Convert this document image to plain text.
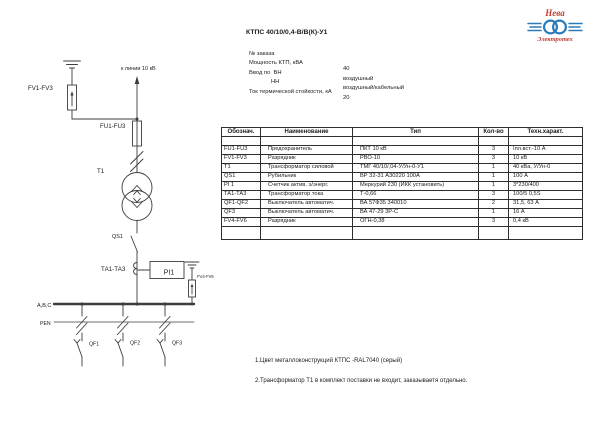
FV1-FV3
к линии 10 кВ
FU1-FU3
T1
QS1
ТА1-ТА3	PI1	FV4-FV6
A,B,C
PEN
QF1	QF2	QF3
КТПС 40/10/0,4-В/В(К)-У1

№ заказа

Мощность КТП, кВА

40

Ввод по  ВН

воздушный

НН

воздушный/кабельный

Ток термической стойкости, кА

20

Нева
Электротех
Обознач.	Наименование	Тип	Кол-во	Техн.характ.

FU1-FU3	Предохранитель	ПКТ 10 кВ	3	Iпл.вст.-10 А
FV1-FV3	Разрядник	РВО-10	3	10 кВ
Т1	Трансформатор силовой	ТМГ 40/10/,04-У/Ун-0-У1	1	40 кВа, У/Ун-0
QS1	Рубильник	ВР 32-31 А30220 100А	1	100 А
PI 1	Счетчик актив. э/энерг.	Меркурий 230 (ИКК установить)	1	3*230/400
ТА1-ТА3	Трансформатор тока	Т-0,66	3	100/5 0,5S
QF1-QF2	Выключатель автоматич.	ВА 57Ф35 340010	2	31,5, 63 А
QF3	Выключатель автоматич.	ВА 47-29 3Р-С	1	16 А
FV4-FV6	Разрядник	ОГН-0,38	3	0,4 кВ

1.Цвет металлоконструкций КТПС -RAL7040 (серый)

2.Трансформатор Т1 в комплект поставки не входит, заказываетя отдельно.
